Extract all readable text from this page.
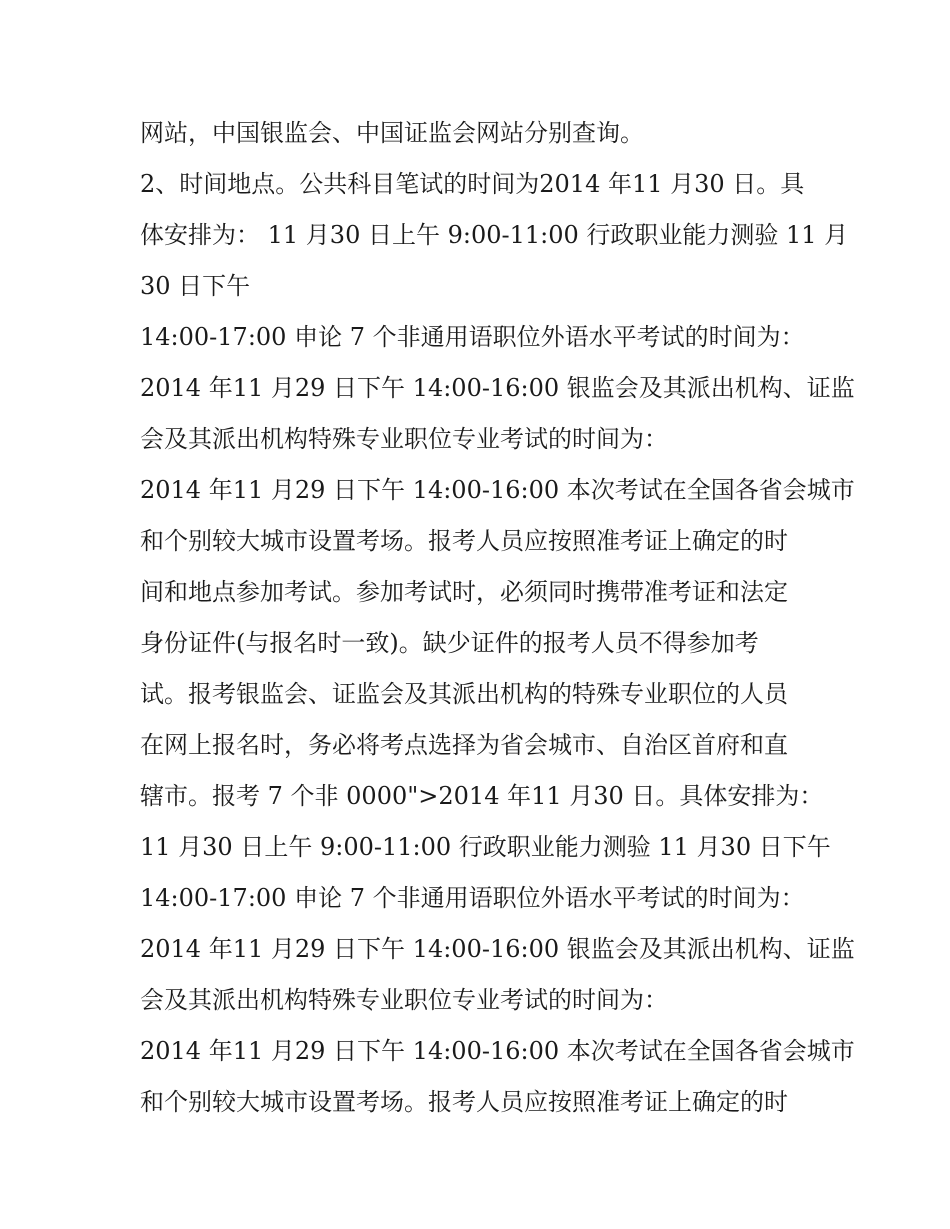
网站，中国银监会、中国证监会网站分别查询。
2、时间地点。公共科目笔试的时间为2014 年11 月30 日。具
体安排为： 11 月30 日上午 9:00-11:00 行政职业能力测验 11 月
30 日下午
14:00-17:00 申论 7 个非通用语职位外语水平考试的时间为：
2014 年11 月29 日下午 14:00-16:00 银监会及其派出机构、证监
会及其派出机构特殊专业职位专业考试的时间为：
2014 年11 月29 日下午 14:00-16:00 本次考试在全国各省会城市
和个别较大城市设置考场。报考人员应按照准考证上确定的时
间和地点参加考试。参加考试时，必须同时携带准考证和法定
身份证件(与报名时一致)。缺少证件的报考人员不得参加考
试。报考银监会、证监会及其派出机构的特殊专业职位的人员
在网上报名时，务必将考点选择为省会城市、自治区首府和直
辖市。报考 7 个非 0000">2014 年11 月30 日。具体安排为：
11 月30 日上午 9:00-11:00 行政职业能力测验 11 月30 日下午
14:00-17:00 申论 7 个非通用语职位外语水平考试的时间为：
2014 年11 月29 日下午 14:00-16:00 银监会及其派出机构、证监
会及其派出机构特殊专业职位专业考试的时间为：
2014 年11 月29 日下午 14:00-16:00 本次考试在全国各省会城市
和个别较大城市设置考场。报考人员应按照准考证上确定的时
